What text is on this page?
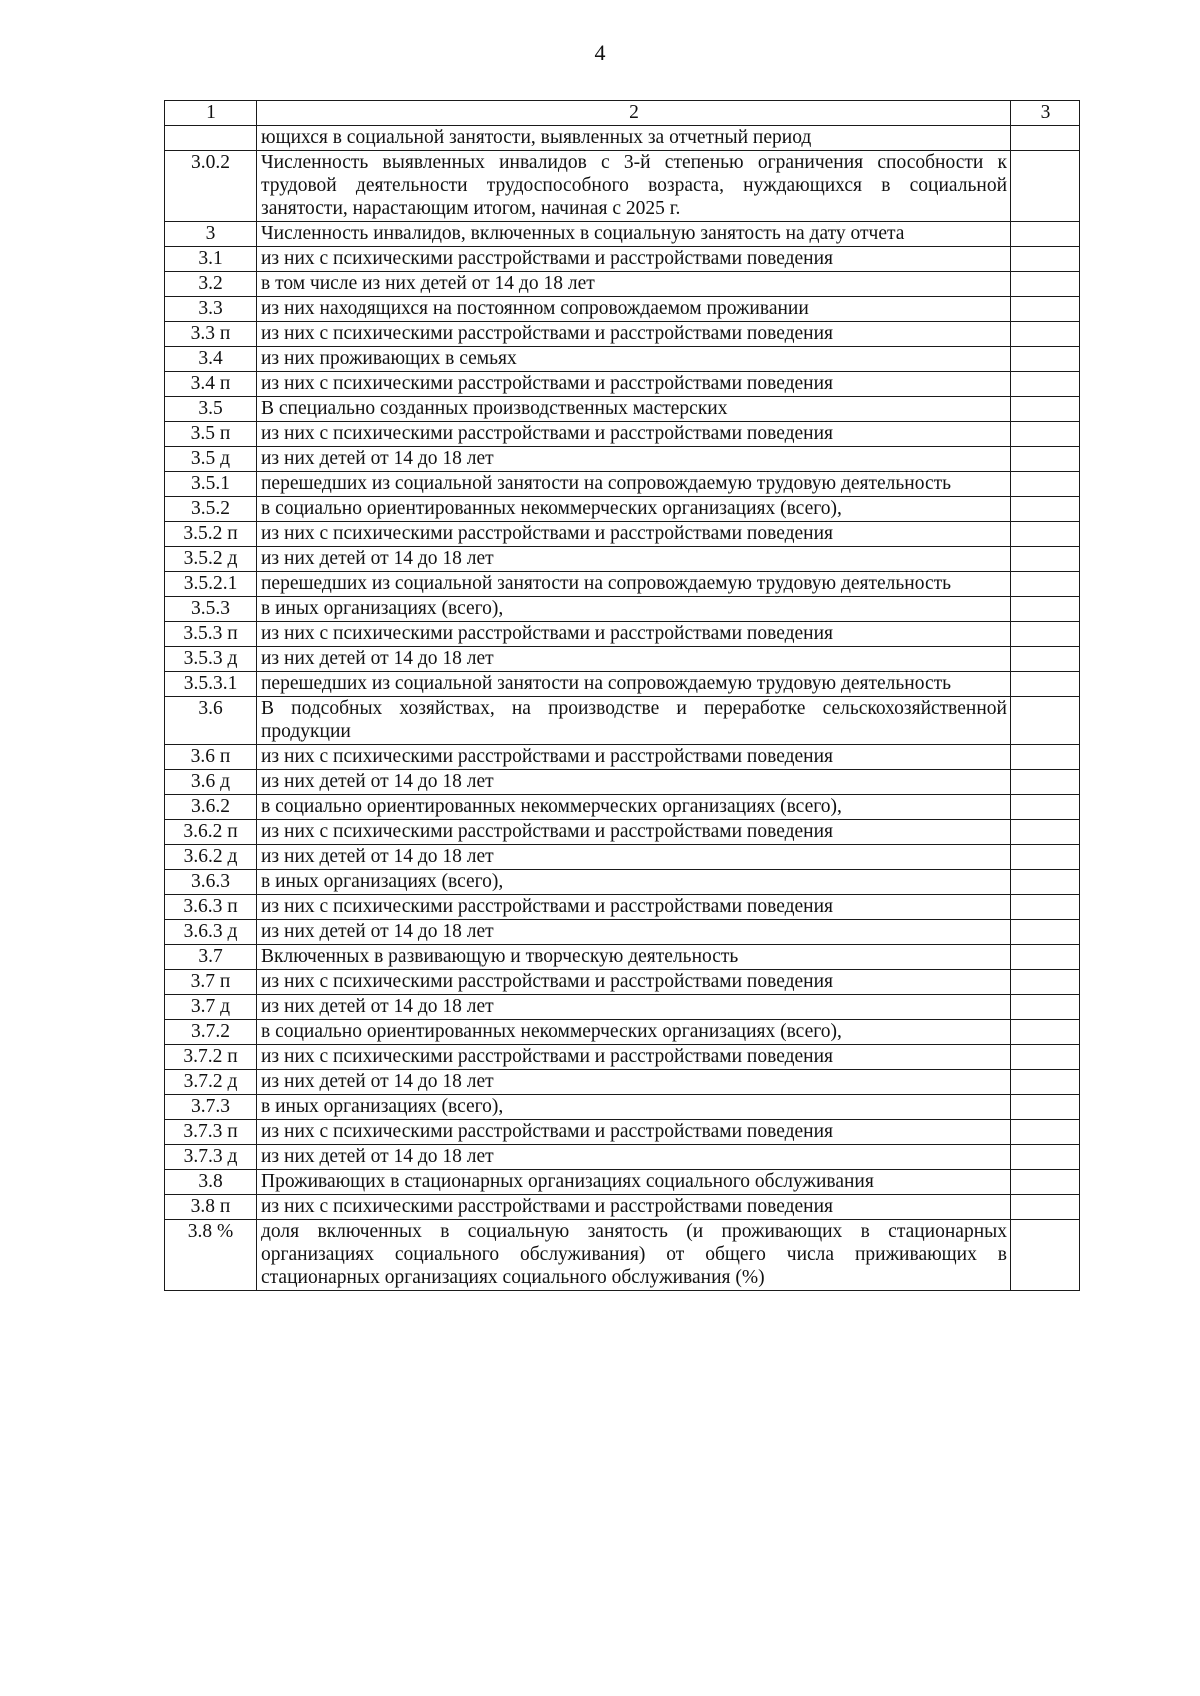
4
1	2	3
	ющихся в социальной занятости, выявленных за отчетный период	
3.0.2	Численность выявленных инвалидов с 3-й степенью ограничения способности к трудовой деятельности трудоспособного возраста, нуждающихся в социальной занятости, нарастающим итогом, начиная с 2025 г.	
3	Численность инвалидов, включенных в социальную занятость на дату отчета	
3.1	из них с психическими расстройствами и расстройствами поведения	
3.2	в том числе из них детей от 14 до 18 лет	
3.3	из них находящихся на постоянном сопровождаемом проживании	
3.3 п	из них с психическими расстройствами и расстройствами поведения	
3.4	из них проживающих в семьях	
3.4 п	из них с психическими расстройствами и расстройствами поведения	
3.5	В специально созданных производственных мастерских	
3.5 п	из них с психическими расстройствами и расстройствами поведения	
3.5 д	из них детей от 14 до 18 лет	
3.5.1	перешедших из социальной занятости на сопровождаемую трудовую деятельность	
3.5.2	в социально ориентированных некоммерческих организациях (всего),	
3.5.2 п	из них с психическими расстройствами и расстройствами поведения	
3.5.2 д	из них детей от 14 до 18 лет	
3.5.2.1	перешедших из социальной занятости на сопровождаемую трудовую деятельность	
3.5.3	в иных организациях (всего),	
3.5.3 п	из них с психическими расстройствами и расстройствами поведения	
3.5.3 д	из них детей от 14 до 18 лет	
3.5.3.1	перешедших из социальной занятости на сопровождаемую трудовую деятельность	
3.6	В подсобных хозяйствах, на производстве и переработке сельскохозяйственной продукции	
3.6 п	из них с психическими расстройствами и расстройствами поведения	
3.6 д	из них детей от 14 до 18 лет	
3.6.2	в социально ориентированных некоммерческих организациях (всего),	
3.6.2 п	из них с психическими расстройствами и расстройствами поведения	
3.6.2 д	из них детей от 14 до 18 лет	
3.6.3	в иных организациях (всего),	
3.6.3 п	из них с психическими расстройствами и расстройствами поведения	
3.6.3 д	из них детей от 14 до 18 лет	
3.7	Включенных в развивающую и творческую деятельность	
3.7 п	из них с психическими расстройствами и расстройствами поведения	
3.7 д	из них детей от 14 до 18 лет	
3.7.2	в социально ориентированных некоммерческих организациях (всего),	
3.7.2 п	из них с психическими расстройствами и расстройствами поведения	
3.7.2 д	из них детей от 14 до 18 лет	
3.7.3	в иных организациях (всего),	
3.7.3 п	из них с психическими расстройствами и расстройствами поведения	
3.7.3 д	из них детей от 14 до 18 лет	
3.8	Проживающих в стационарных организациях социального обслуживания	
3.8 п	из них с психическими расстройствами и расстройствами поведения	
3.8 %	доля включенных в социальную занятость (и проживающих в стационарных организациях социального обслуживания) от общего числа приживающих в стационарных организациях социального обслуживания (%)	
